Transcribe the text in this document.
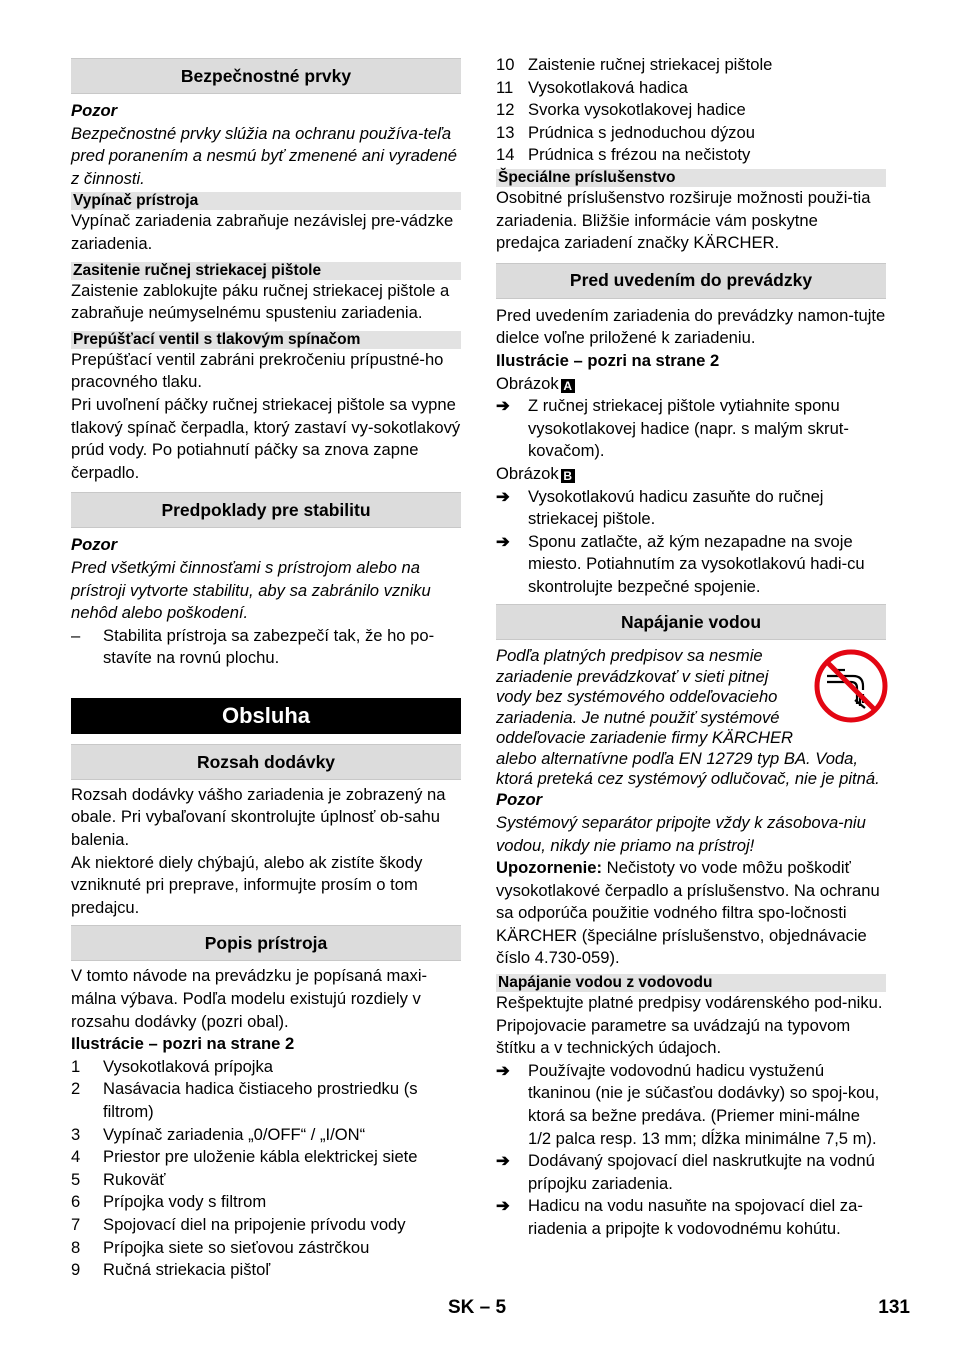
Bezpečnostné prvky

Pozor

Bezpečnostné prvky slúžia na ochranu používa-teľa pred poranením a nesmú byť zmenené ani vyradené z činnosti.

Vypínač prístroja

Vypínač zariadenia zabraňuje nezávislej pre-vádzke zariadenia.

Zasitenie ručnej striekacej pištole

Zaistenie zablokujte páku ručnej striekacej pištole a zabraňuje neúmyselnému spusteniu zariadenia.

Prepúšťací ventil s tlakovým spínačom

Prepúšťací ventil zabráni prekročeniu prípustné-ho pracovného tlaku.

Pri uvoľnení páčky ručnej striekacej pištole sa vypne tlakový spínač čerpadla, ktorý zastaví vy-sokotlakový prúd vody. Po potiahnutí páčky sa znova zapne čerpadlo.

Predpoklady pre stabilitu

Pozor

Pred všetkými činnosťami s prístrojom alebo na prístroji vytvorte stabilitu, aby sa zabránilo vzniku nehôd alebo poškodení.

–	Stabilita prístroja sa zabezpečí tak, že ho po-stavíte na rovnú plochu.
Obsluha
Rozsah dodávky

Rozsah dodávky vášho zariadenia je zobrazený na obale. Pri vybaľovaní skontrolujte úplnosť ob-sahu balenia.

Ak niektoré diely chýbajú, alebo ak zistíte škody vzniknuté pri preprave, informujte prosím o tom predajcu.

Popis prístroja

V tomto návode na prevádzku je popísaná maxi-málna výbava. Podľa modelu existujú rozdiely v rozsahu dodávky (pozri obal).

Ilustrácie – pozri na strane 2

1	Vysokotlaková prípojka
2	Nasávacia hadica čistiaceho prostriedku (s filtrom)
3	Vypínač zariadenia „0/OFF“ / „I/ON“
4	Priestor pre uloženie kábla elektrickej siete
5	Rukoväť
6	Prípojka vody s filtrom
7	Spojovací diel na pripojenie prívodu vody
8	Prípojka siete so sieťovou zástrčkou
9	Ručná striekacia pištoľ
10 Zaistenie ručnej striekacej pištole
11 Vysokotlaková hadica
12 Svorka vysokotlakovej hadice
13 Prúdnica s jednoduchou dýzou
14 Prúdnica s frézou na nečistoty
Špeciálne príslušenstvo

Osobitné príslušenstvo rozširuje možnosti použi-tia zariadenia. Bližšie informácie vám poskytne predajca zariadení značky KÄRCHER.

Pred uvedením do prevádzky

Pred uvedením zariadenia do prevádzky namon-tujte dielce voľne priložené k zariadeniu.

Ilustrácie – pozri na strane 2

Obrázok A

➔	Z ručnej striekacej pištole vytiahnite sponu vysokotlakovej hadice (napr. s malým skrut-kovačom).

Obrázok B

➔	Vysokotlakovú hadicu zasuňte do ručnej striekacej pištole.
➔	Sponu zatlačte, až kým nezapadne na svoje miesto. Potiahnutím za vysokotlakovú hadi-cu skontrolujte bezpečné spojenie.
Napájanie vodou
Podľa platných predpisov sa nesmie zariadenie prevádzkovať v sieti pitnej vody bez systémového oddeľovacieho zariadenia. Je nutné použiť systémové oddeľovacie zariadenie firmy KÄRCHER alebo alternatívne podľa EN 12729 typ BA. Voda, ktorá preteká cez systémový odlučovač, nie je pitná.

Pozor

Systémový separátor pripojte vždy k zásobova-niu vodou, nikdy nie priamo na prístroj!

Upozornenie: Nečistoty vo vode môžu poškodiť vysokotlakové čerpadlo a príslušenstvo. Na ochranu sa odporúča použitie vodného filtra spo-ločnosti KÄRCHER (špeciálne príslušenstvo, objednávacie číslo 4.730-059).

Napájanie vodou z vodovodu

Rešpektujte platné predpisy vodárenského pod-niku.

Pripojovacie parametre sa uvádzajú na typovom štítku a v technických údajoch.

➔	Používajte vodovodnú hadicu vystuženú tkaninou (nie je súčasťou dodávky) so spoj-kou, ktorá sa bežne predáva. (Priemer mini-málne 1/2 palca resp. 13 mm; dĺžka minimálne 7,5 m).
➔	Dodávaný spojovací diel naskrutkujte na vodnú prípojku zariadenia.
➔	Hadicu na vodu nasuňte na spojovací diel za-riadenia a pripojte k vodovodnému kohútu.
SK – 5	131
